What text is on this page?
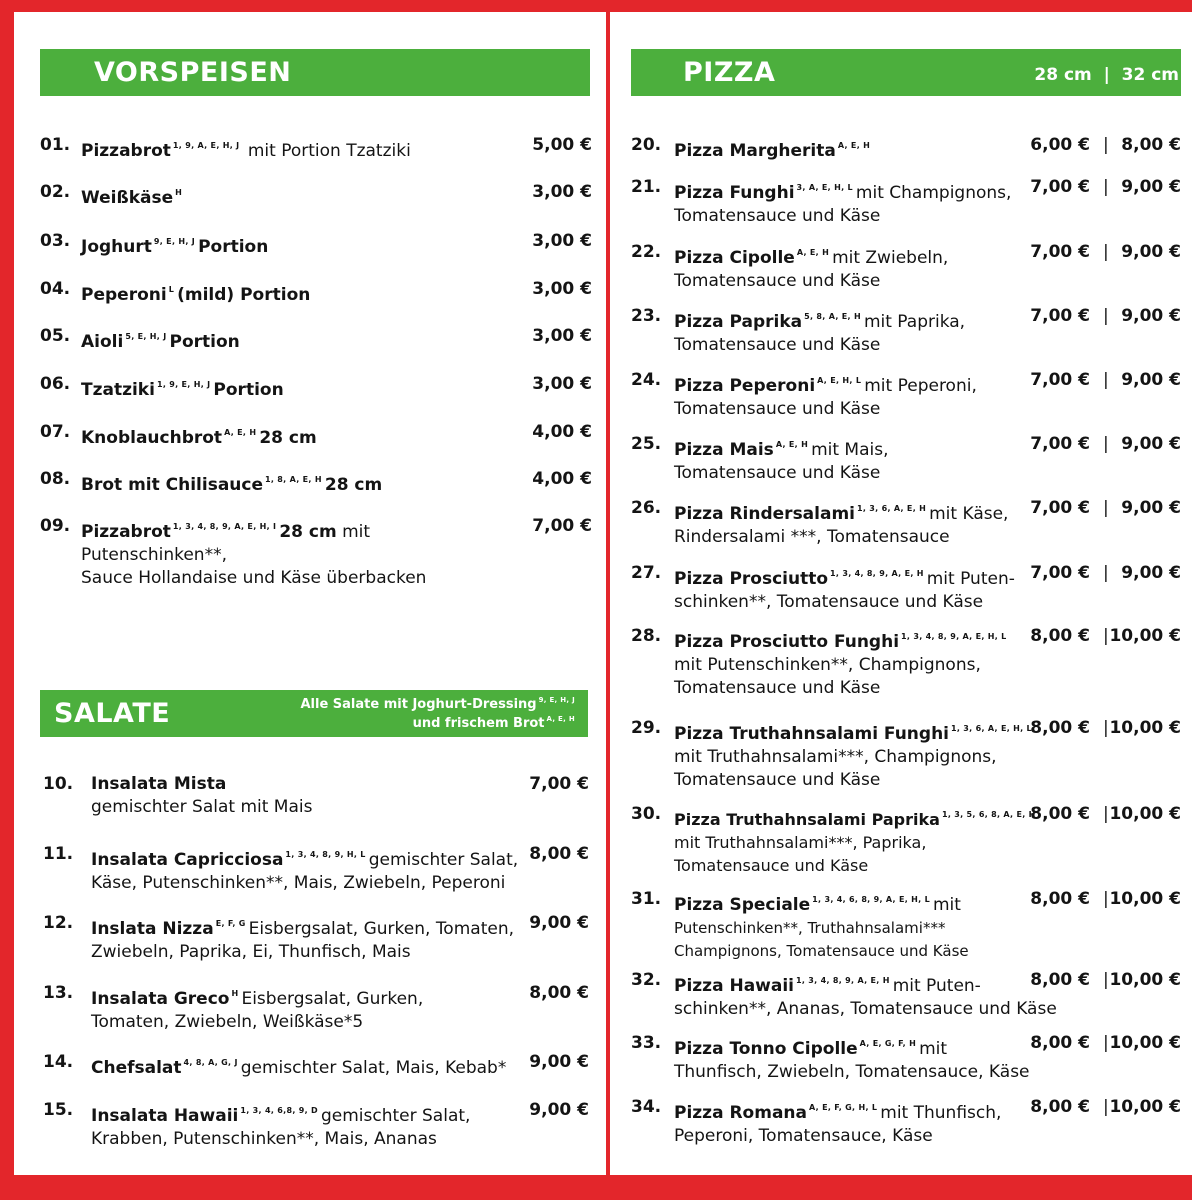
VORSPEISEN
SALATE	Alle Salate mit Joghurt-Dressing $^{9, E, H, J}$
und frischem Brot $^{A, E, H}$
PIZZA	28 cm  |  32 cm
01. Pizzabrot $^{1, 9, A, E, H, J}$ mit Portion Tzatziki	5,00 €
02. Weißkäse $^H$	3,00 €
03. Joghurt $^{9, E, H, J}$ Portion	3,00 €
04. Peperoni $^L$ (mild) Portion	3,00 €
05. Aioli $^{5, E, H, J}$ Portion	3,00 €
06. Tzatziki $^{1, 9, E, H, J}$ Portion	3,00 €
07. Knoblauchbrot $^{A, E, H}$ 28 cm	4,00 €
08. Brot mit Chilisauce $^{1, 8, A, E, H}$ 28 cm	4,00 €
09. Pizzabrot $^{1, 3, 4, 8, 9, A, E, H, I}$ 28 cm mit Putenschinken**,
Sauce Hollandaise und Käse überbacken
7,00 €
10. Insalata Mista
gemischter Salat mit Mais
7,00 €
11. Insalata Capricciosa $^{1, 3, 4, 8, 9, H, L}$ gemischter Salat,
Käse, Putenschinken**, Mais, Zwiebeln, Peperoni
8,00 €
12. Inslata Nizza $^{E, F, G}$ Eisbergsalat, Gurken, Tomaten,
Zwiebeln, Paprika, Ei, Thunfisch, Mais
9,00 €
13. Insalata Greco $^H$ Eisbergsalat, Gurken,
Tomaten, Zwiebeln, Weißkäse*5
8,00 €
14. Chefsalat $^{4, 8, A, G, J}$ gemischter Salat, Mais, Kebab*	9,00 €
15. Insalata Hawaii $^{1, 3, 4, 6,8, 9, D}$ gemischter Salat,
Krabben, Putenschinken**, Mais, Ananas
9,00 €
20. Pizza Margherita $^{A, E, H}$	6,00 € | 8,00 €
21. Pizza Funghi $^{3, A, E, H, L}$ mit Champignons,
Tomatensauce und Käse
7,00 € | 9,00 €
22. Pizza Cipolle $^{A, E, H}$ mit Zwiebeln,
Tomatensauce und Käse
7,00 € | 9,00 €
23. Pizza Paprika $^{5, 8, A, E, H}$ mit Paprika,
Tomatensauce und Käse
7,00 € | 9,00 €
24. Pizza Peperoni $^{A, E, H, L}$ mit Peperoni,
Tomatensauce und Käse
7,00 € | 9,00 €
25. Pizza Mais $^{A, E, H}$ mit Mais,
Tomatensauce und Käse
7,00 € | 9,00 €
26. Pizza Rindersalami $^{1, 3, 6, A, E, H}$ mit Käse,
Rindersalami ***, Tomatensauce
7,00 € | 9,00 €
27. Pizza Prosciutto $^{1, 3, 4, 8, 9, A, E, H}$ mit Puten-
schinken**, Tomatensauce und Käse
7,00 € | 9,00 €
28. Pizza Prosciutto Funghi $^{1, 3, 4, 8, 9, A, E, H, L}$
mit Putenschinken**, Champignons,
Tomatensauce und Käse
8,00 € | 10,00 €
29. Pizza Truthahnsalami Funghi $^{1, 3, 6, A, E, H, L}$
mit Truthahnsalami***, Champignons,
Tomatensauce und Käse
8,00 € | 10,00 €
30. Pizza Truthahnsalami Paprika $^{1, 3, 5, 6, 8, A, E, H}$
mit Truthahnsalami***, Paprika,
Tomatensauce und Käse
8,00 € | 10,00 €
31. Pizza Speciale $^{1, 3, 4, 6, 8, 9, A, E, H, L}$ mit
Putenschinken**, Truthahnsalami***
Champignons, Tomatensauce und Käse
8,00 € | 10,00 €
32. Pizza Hawaii $^{1, 3, 4, 8, 9, A, E, H}$ mit Puten-
schinken**, Ananas, Tomatensauce und Käse
8,00 € | 10,00 €
33. Pizza Tonno Cipolle $^{A, E, G, F, H}$ mit
Thunfisch, Zwiebeln, Tomatensauce, Käse
8,00 € | 10,00 €
34. Pizza Romana $^{A, E, F, G, H, L}$ mit Thunfisch,
Peperoni, Tomatensauce, Käse
8,00 € | 10,00 €
